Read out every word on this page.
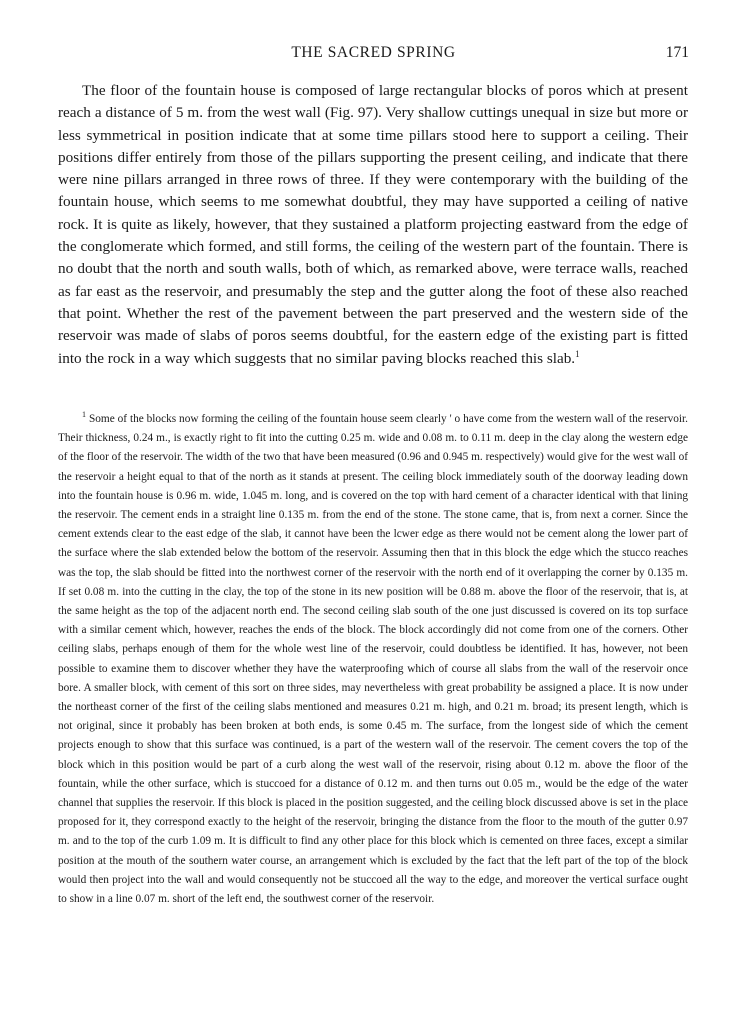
THE SACRED SPRING	171

The floor of the fountain house is composed of large rectangular blocks of poros which at present reach a distance of 5 m. from the west wall (Fig. 97). Very shallow cuttings unequal in size but more or less symmetrical in position indicate that at some time pillars stood here to support a ceiling. Their positions differ entirely from those of the pillars supporting the present ceiling, and indicate that there were nine pillars arranged in three rows of three. If they were contemporary with the building of the fountain house, which seems to me somewhat doubtful, they may have supported a ceiling of native rock. It is quite as likely, however, that they sustained a platform projecting eastward from the edge of the conglomerate which formed, and still forms, the ceiling of the western part of the fountain. There is no doubt that the north and south walls, both of which, as remarked above, were terrace walls, reached as far east as the reservoir, and presumably the step and the gutter along the foot of these also reached that point. Whether the rest of the pavement between the part preserved and the western side of the reservoir was made of slabs of poros seems doubtful, for the eastern edge of the existing part is fitted into the rock in a way which suggests that no similar paving blocks reached this slab.$^1$

$^1$ Some of the blocks now forming the ceiling of the fountain house seem clearly ' o have come from the western wall of the reservoir. Their thickness, 0.24 m., is exactly right to fit into the cutting 0.25 m. wide and 0.08 m. to 0.11 m. deep in the clay along the western edge of the floor of the reservoir. The width of the two that have been measured (0.96 and 0.945 m. respectively) would give for the west wall of the reservoir a height equal to that of the north as it stands at present. The ceiling block immediately south of the doorway leading down into the fountain house is 0.96 m. wide, 1.045 m. long, and is covered on the top with hard cement of a character identical with that lining the reservoir. The cement ends in a straight line 0.135 m. from the end of the stone. The stone came, that is, from next a corner. Since the cement extends clear to the east edge of the slab, it cannot have been the lcwer edge as there would not be cement along the lower part of the surface where the slab extended below the bottom of the reservoir. Assuming then that in this block the edge which the stucco reaches was the top, the slab should be fitted into the northwest corner of the reservoir with the north end of it overlapping the corner by 0.135 m. If set 0.08 m. into the cutting in the clay, the top of the stone in its new position will be 0.88 m. above the floor of the reservoir, that is, at the same height as the top of the adjacent north end. The second ceiling slab south of the one just discussed is covered on its top surface with a similar cement which, however, reaches the ends of the block. The block accordingly did not come from one of the corners. Other ceiling slabs, perhaps enough of them for the whole west line of the reservoir, could doubtless be identified. It has, however, not been possible to examine them to discover whether they have the waterproofing which of course all slabs from the wall of the reservoir once bore. A smaller block, with cement of this sort on three sides, may nevertheless with great probability be assigned a place. It is now under the northeast corner of the first of the ceiling slabs mentioned and measures 0.21 m. high, and 0.21 m. broad; its present length, which is not original, since it probably has been broken at both ends, is some 0.45 m. The surface, from the longest side of which the cement projects enough to show that this surface was continued, is a part of the western wall of the reservoir. The cement covers the top of the block which in this position would be part of a curb along the west wall of the reservoir, rising about 0.12 m. above the floor of the fountain, while the other surface, which is stuccoed for a distance of 0.12 m. and then turns out 0.05 m., would be the edge of the water channel that supplies the reservoir. If this block is placed in the position suggested, and the ceiling block discussed above is set in the place proposed for it, they correspond exactly to the height of the reservoir, bringing the distance from the floor to the mouth of the gutter 0.97 m. and to the top of the curb 1.09 m. It is difficult to find any other place for this block which is cemented on three faces, except a similar position at the mouth of the southern water course, an arrangement which is excluded by the fact that the left part of the top of the block would then project into the wall and would consequently not be stuccoed all the way to the edge, and moreover the vertical surface ought to show in a line 0.07 m. short of the left end, the southwest corner of the reservoir.
